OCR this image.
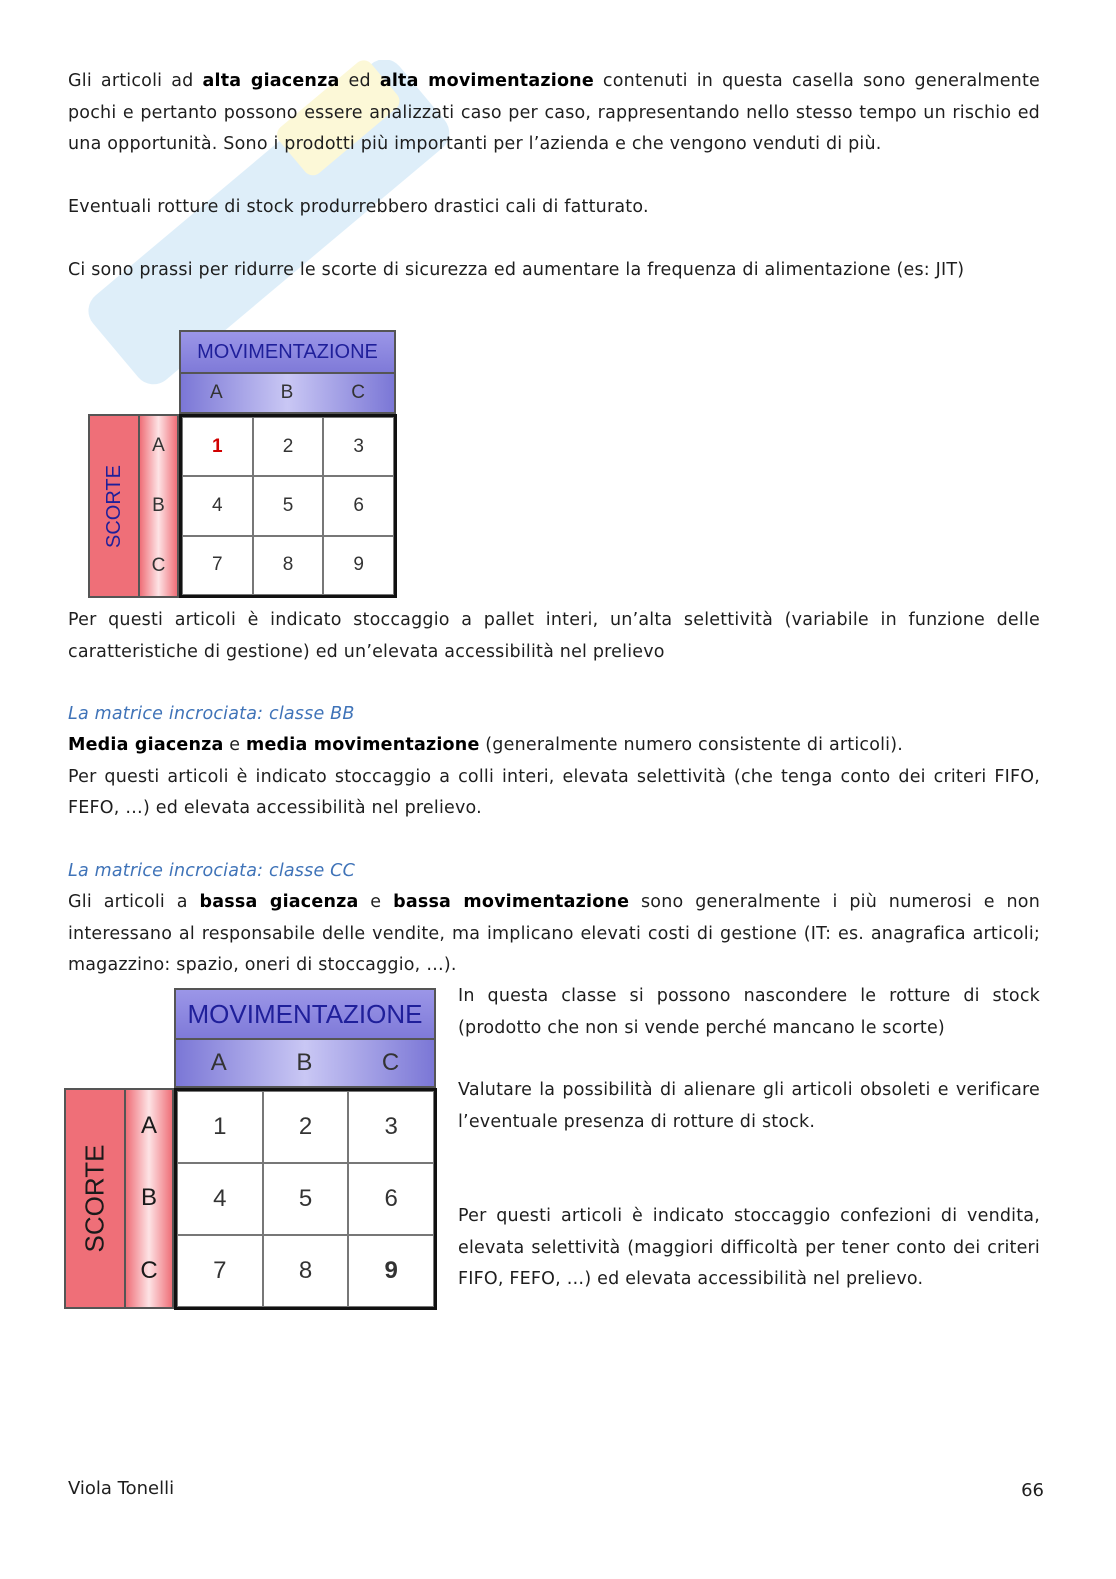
Gli articoli ad alta giacenza ed alta movimentazione contenuti in questa casella sono generalmente pochi e pertanto possono essere analizzati caso per caso, rappresentando nello stesso tempo un rischio ed una opportunità. Sono i prodotti più importanti per l’azienda e che vengono venduti di più.

Eventuali rotture di stock produrrebbero drastici cali di fatturato.

Ci sono prassi per ridurre le scorte di sicurezza ed aumentare la frequenza di alimentazione (es: JIT)

MOVIMENTAZIONE
A	B	C
SCORTE
A
B
C
1	2	3
4	5	6
7	8	9

Per questi articoli è indicato stoccaggio a pallet interi, un’alta selettività (variabile in funzione delle caratteristiche di gestione) ed un’elevata accessibilità nel prelievo

La matrice incrociata: classe BB

Media giacenza e media movimentazione (generalmente numero consistente di articoli).
Per questi articoli è indicato stoccaggio a colli interi, elevata selettività (che tenga conto dei criteri FIFO, FEFO, …) ed elevata accessibilità nel prelievo.

La matrice incrociata: classe CC

Gli articoli a bassa giacenza e bassa movimentazione sono generalmente i più numerosi e non interessano al responsabile delle vendite, ma implicano elevati costi di gestione (IT: es. anagrafica articoli; magazzino: spazio, oneri di stoccaggio, …).

MOVIMENTAZIONE
A	B	C
SCORTE
A
B
C
1	2	3
4	5	6
7	8	9

In questa classe si possono nascondere le rotture di stock (prodotto che non si vende perché mancano le scorte)

Valutare la possibilità di alienare gli articoli obsoleti e verificare l’eventuale presenza di rotture di stock.

Per questi articoli è indicato stoccaggio confezioni di vendita, elevata selettività (maggiori difficoltà per tener conto dei criteri FIFO, FEFO, …) ed elevata accessibilità nel prelievo.

Viola Tonelli	66
